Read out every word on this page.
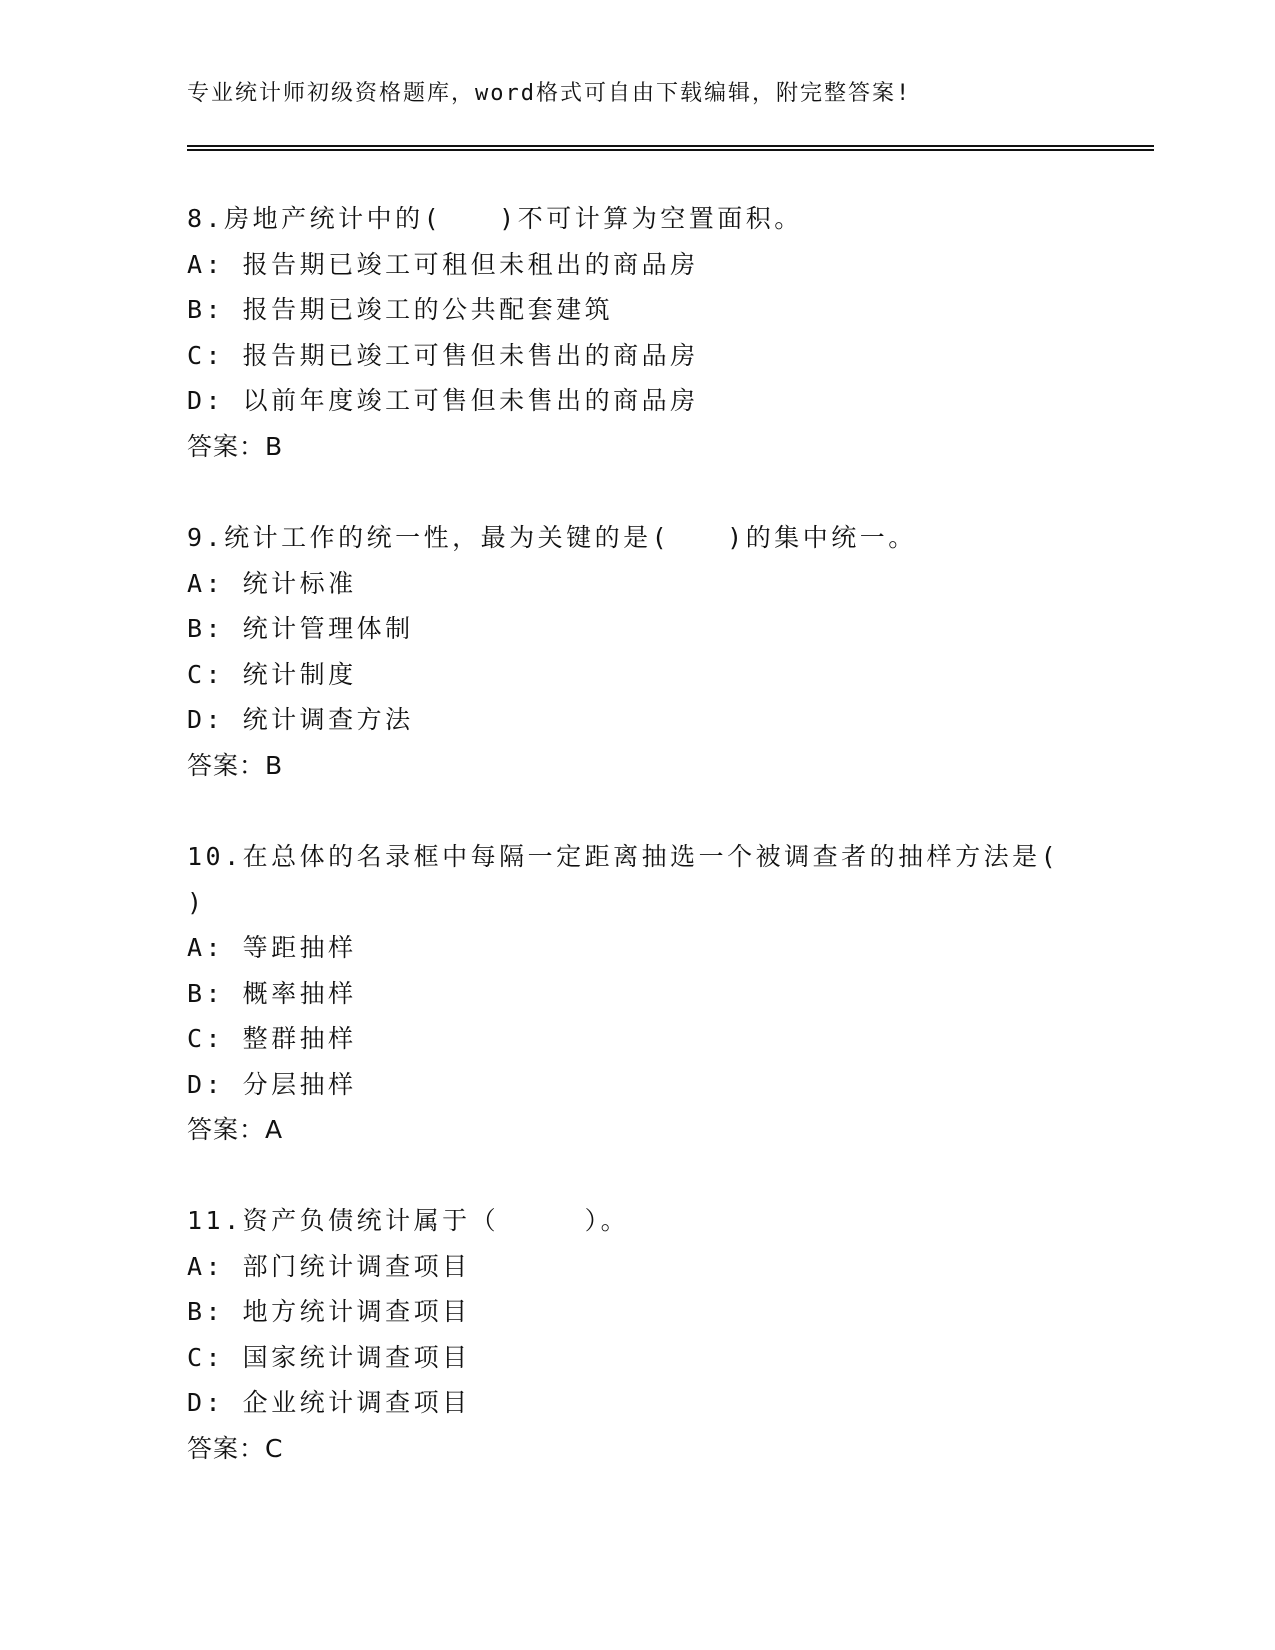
专业统计师初级资格题库，word格式可自由下载编辑，附完整答案!
8.房地产统计中的(　　)不可计算为空置面积。
A: 报告期已竣工可租但未租出的商品房
B: 报告期已竣工的公共配套建筑
C: 报告期已竣工可售但未售出的商品房
D: 以前年度竣工可售但未售出的商品房
答案：B
9.统计工作的统一性，最为关键的是(　　)的集中统一。
A: 统计标准
B: 统计管理体制
C: 统计制度
D: 统计调查方法
答案：B
10.在总体的名录框中每隔一定距离抽选一个被调查者的抽样方法是(
)
A: 等距抽样
B: 概率抽样
C: 整群抽样
D: 分层抽样
答案：A
11.资产负债统计属于（　　　）。
A: 部门统计调查项目
B: 地方统计调查项目
C: 国家统计调查项目
D: 企业统计调查项目
答案：C
